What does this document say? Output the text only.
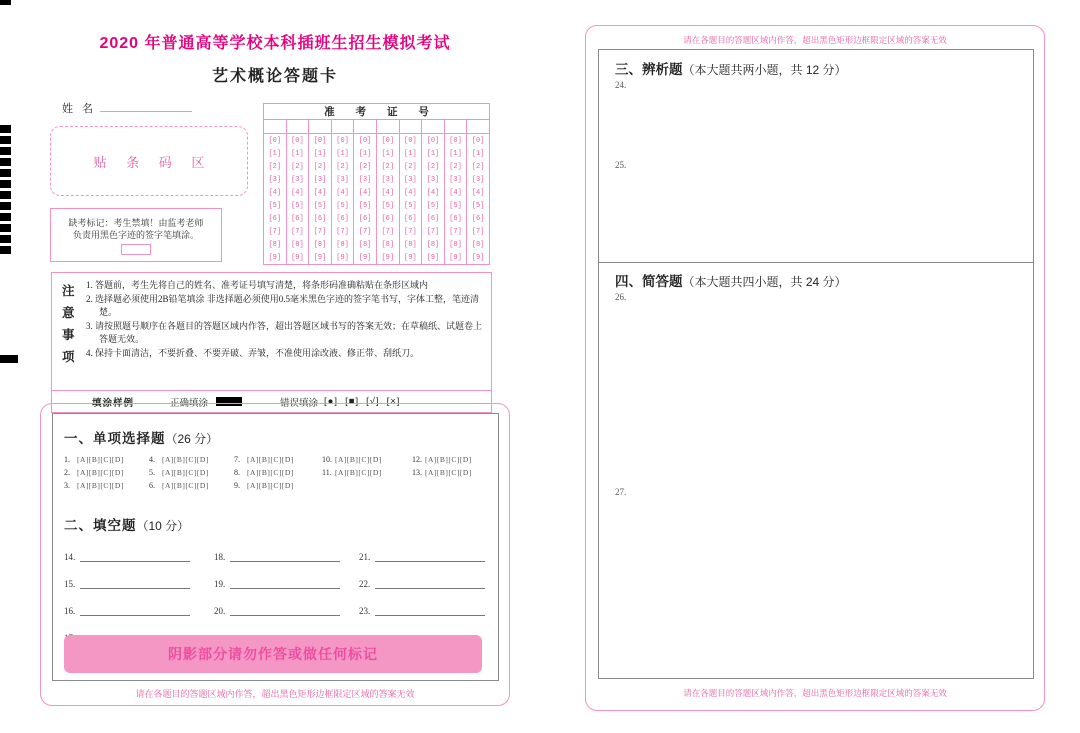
2020 年普通高等学校本科插班生招生模拟考试
艺术概论答题卡
姓 名
贴 条 码 区
缺考标记：考生禁填！由监考老师
负责用黑色字迹的签字笔填涂。
准 考 证 号
[0]
[1]
[2]
[3]
[4]
[5]
[6]
[7]
[8]
[9]
[0]
[1]
[2]
[3]
[4]
[5]
[6]
[7]
[8]
[9]
[0]
[1]
[2]
[3]
[4]
[5]
[6]
[7]
[8]
[9]
[0]
[1]
[2]
[3]
[4]
[5]
[6]
[7]
[8]
[9]
[0]
[1]
[2]
[3]
[4]
[5]
[6]
[7]
[8]
[9]
[0]
[1]
[2]
[3]
[4]
[5]
[6]
[7]
[8]
[9]
[0]
[1]
[2]
[3]
[4]
[5]
[6]
[7]
[8]
[9]
[0]
[1]
[2]
[3]
[4]
[5]
[6]
[7]
[8]
[9]
[0]
[1]
[2]
[3]
[4]
[5]
[6]
[7]
[8]
[9]
[0]
[1]
[2]
[3]
[4]
[5]
[6]
[7]
[8]
[9]
注意事项
1. 答题前，考生先将自己的姓名、准考证号填写清楚，将条形码准确粘贴在条形区域内
2. 选择题必须使用2B铅笔填涂 非选择题必须使用0.5毫米黑色字迹的签字笔书写，字体工整，笔迹清楚。
3. 请按照题号顺序在各题目的答题区域内作答，超出答题区域书写的答案无效；在草稿纸、试题卷上答题无效。
4. 保持卡面清洁，不要折叠、不要弄破、弄皱，不准使用涂改液、修正带、刮纸刀。
填涂样例	正确填涂	错误填涂 [●] [■] [√] [×]
一、单项选择题（26 分）
1. [A][B][C][D]
2. [A][B][C][D]
3. [A][B][C][D]
4. [A][B][C][D]
5. [A][B][C][D]
6. [A][B][C][D]
7. [A][B][C][D]
8. [A][B][C][D]
9. [A][B][C][D]
10. [A][B][C][D]
11. [A][B][C][D]
12. [A][B][C][D]
13. [A][B][C][D]
二、填空题（10 分）
14.
15.
16.
18.
19.
20.
21.
22.
23.
阴影部分请勿作答或做任何标记
请在各题目的答题区域内作答，超出黑色矩形边框限定区域的答案无效
请在各题目的答题区域内作答，超出黑色矩形边框限定区域的答案无效
三、辨析题（本大题共两小题，共 12 分）
24.
25.
四、简答题（本大题共四小题，共 24 分）
26.
27.
请在各题目的答题区域内作答，超出黑色矩形边框限定区域的答案无效
